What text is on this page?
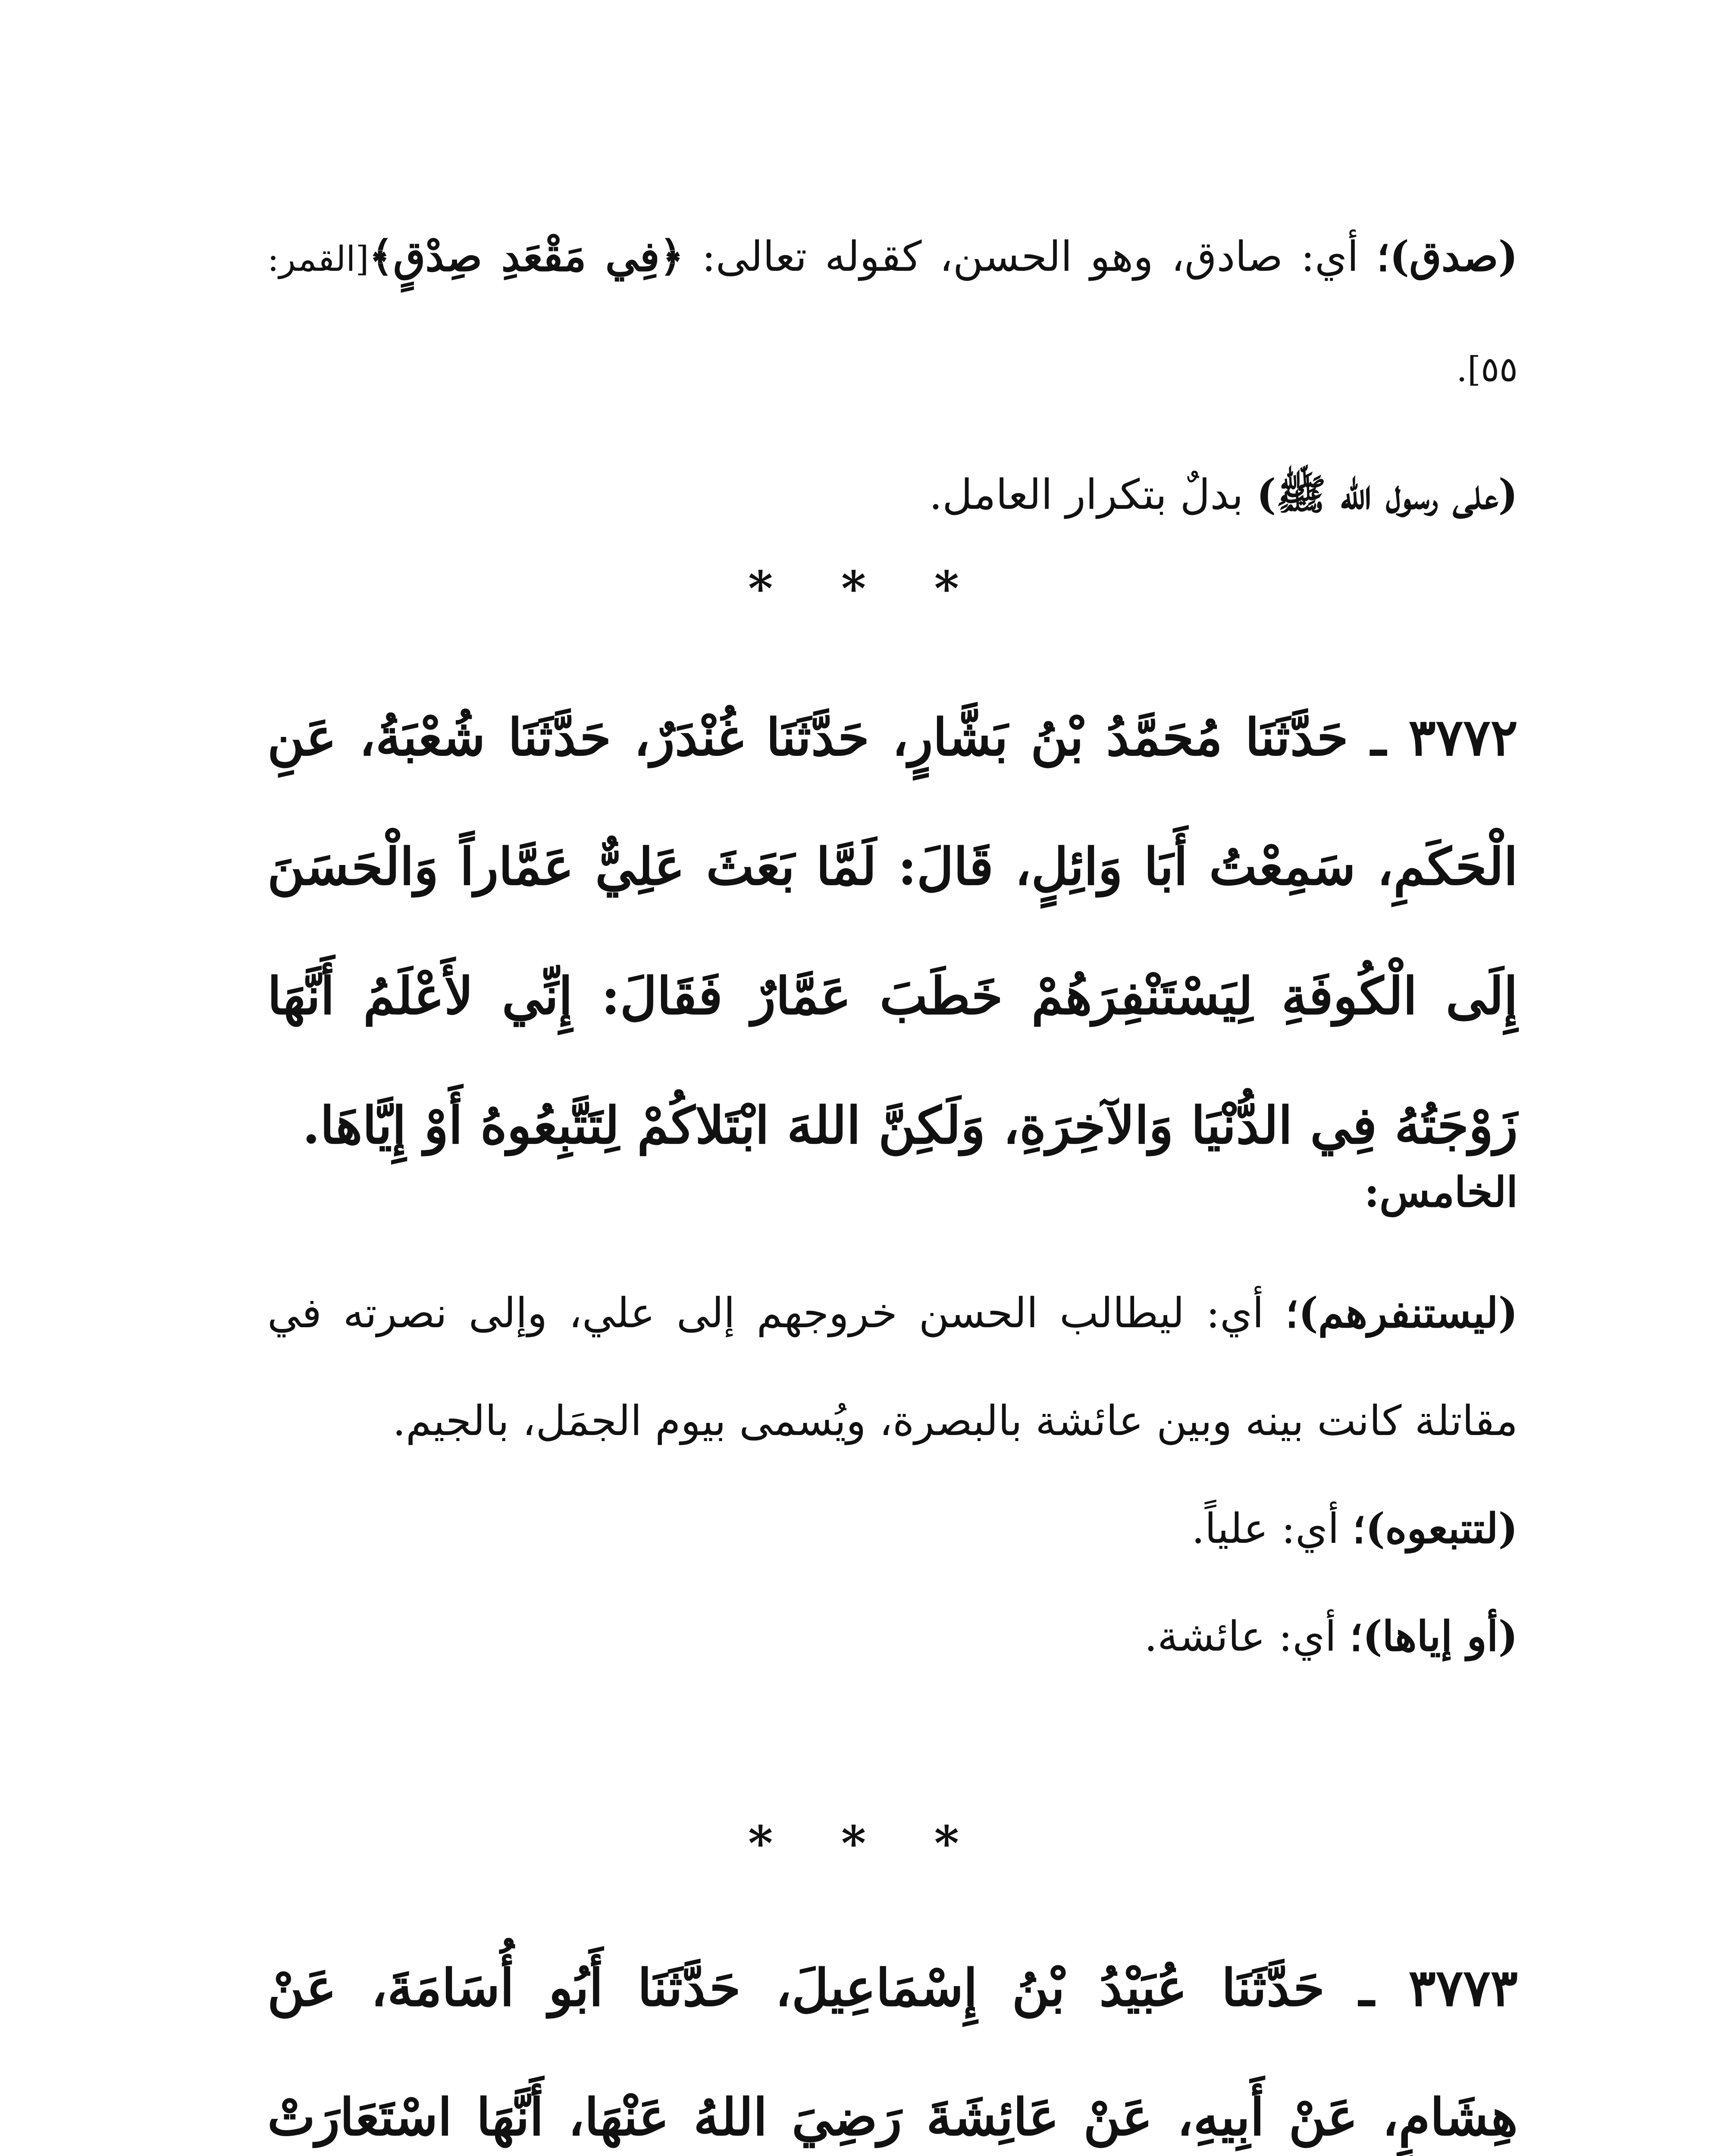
(صدق)؛ أي: صادق، وهو الحسن، كقوله تعالى: ﴿فِي مَقْعَدِ صِدْقٍ﴾[القمر: ٥٥].

(على رسول الله ﷺ) بدلٌ بتكرار العامل.

* * *

٣٧٧٢ ـ حَدَّثَنَا مُحَمَّدُ بْنُ بَشَّارٍ، حَدَّثَنَا غُنْدَرٌ، حَدَّثَنَا شُعْبَةُ، عَنِ الْحَكَمِ، سَمِعْتُ أَبَا وَائِلٍ، قَالَ: لَمَّا بَعَثَ عَلِيٌّ عَمَّاراً وَالْحَسَنَ إِلَى الْكُوفَةِ لِيَسْتَنْفِرَهُمْ خَطَبَ عَمَّارٌ فَقَالَ: إِنِّي لأَعْلَمُ أَنَّهَا زَوْجَتُهُ فِي الدُّنْيَا وَالآخِرَةِ، وَلَكِنَّ اللهَ ابْتَلاكُمْ لِتَتَّبِعُوهُ أَوْ إِيَّاهَا.

الخامس:

(ليستنفرهم)؛ أي: ليطالب الحسن خروجهم إلى علي، وإلى نصرته في مقاتلة كانت بينه وبين عائشة بالبصرة، ويُسمى بيوم الجمَل، بالجيم.

(لتتبعوه)؛ أي: علياً.

(أو إياها)؛ أي: عائشة.

* * *

٣٧٧٣ ـ حَدَّثَنَا عُبَيْدُ بْنُ إِسْمَاعِيلَ، حَدَّثَنَا أَبُو أُسَامَةَ، عَنْ هِشَامٍ، عَنْ أَبِيهِ، عَنْ عَائِشَةَ رَضِيَ اللهُ عَنْهَا، أَنَّهَا اسْتَعَارَتْ
